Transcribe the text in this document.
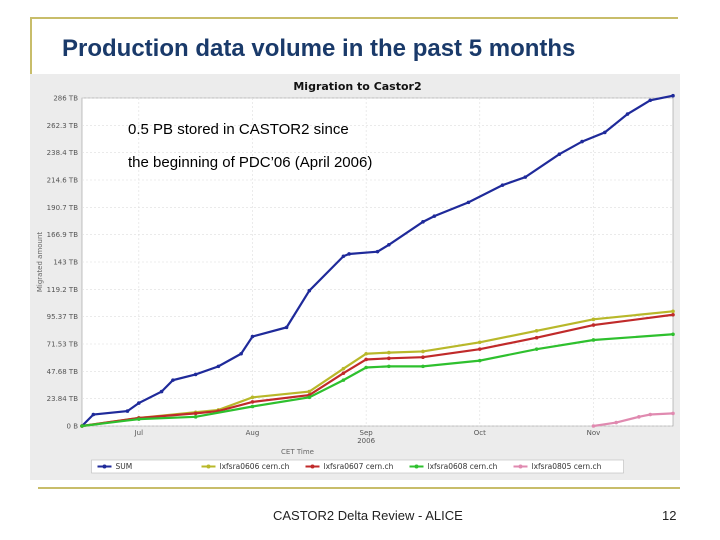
Migration to Castor2
0 B
23.84 TB
47.68 TB
71.53 TB
95.37 TB
119.2 TB
143 TB
166.9 TB
190.7 TB
214.6 TB
238.4 TB
262.3 TB
286 TB
Jul	Aug	Sep
2006
Oct	Nov
CET Time
Migrated amount
SUM	lxfsra0606 cern.ch	lxfsra0607 cern.ch	lxfsra0608 cern.ch	lxfsra0805 cern.ch
Production data volume in the past 5 months
0.5 PB stored in CASTOR2 since
the beginning of PDC’06 (April 2006)
CASTOR2 Delta Review - ALICE	12
